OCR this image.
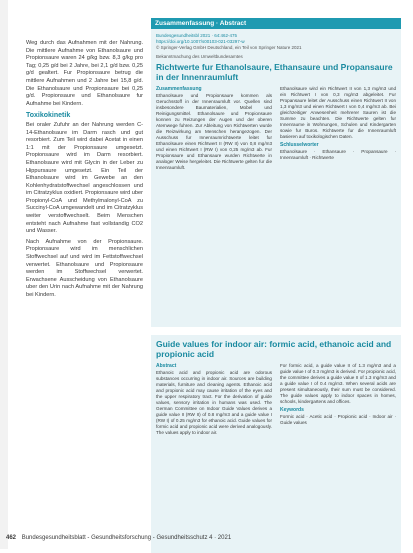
Weg durch das Aufnahmen mit der Nahrung. Die mittlere Aufnahme von Ethanolsaure und Propionsaure waren 24 g/kg bzw. 8,3 g/kg pro Tag; 0,25 g/d bei 2 Jahre, bei 2,1 g/d bzw. 0,25 g/d gealtert. Fur Propionsaure betrug die mittlere Aufnahmen und 2 Jahre bei 15,8 g/d. Die Ethanolsaure und Propionsaure bei 0,25 g/d. Propionsaure und Ethanolsaure fur Aufnahme bei Kindern.

Toxikokinetik

Bei oraler Zufuhr an der Nahrung werden C-14-Ethanolsaure im Darm rasch und gut resorbiert. Zum Teil wird dabei Acetat in einen 1:1 mit der Propionsaure umgesetzt. Propionsaure wird im Darm resorbiert. Ethanolsaure wird mit Glycin in der Leber zu Hippursaure umgesetzt. Ein Teil der Ethanolsaure wird im Gewebe an den Kohlenhydratstoffwechsel angeschlossen und im Citratzyklus oxidiert. Propionsaure wird uber Propionyl-CoA und Methylmalonyl-CoA zu Succinyl-CoA umgewandelt und im Citratzyklus weiter verstoffwechselt. Beim Menschen entsteht nach Aufnahme fast vollstandig CO2 und Wasser.

Nach Aufnahme von der Propionsaure. Propionsaure wird im menschlichen Stoffwechsel auf und wird im Fettstoffwechsel verwertet. Ethanolsaure und Propionsaure werden im Stoffwechsel verwertet. Erwachsene Ausscheidung von Ethanolsaure uber den Urin nach Aufnahme mit der Nahrung bei Kindern.

Zusammenfassung · Abstract
Bundesgesundheitsbl 2021 · 64:462-475
https://doi.org/10.1007/s00103-021-03297-w
© Springer-Verlag GmbH Deutschland, ein Teil von Springer Nature 2021
Bekanntmachung des Umweltbundesamtes
Richtwerte fur Ethanolsaure, Ethansaure und Propansaure in der Innenraumluft
Zusammenfassung

Ethanolsaure und Propionsaure kommen als Geruchsstoff in der Innenraumluft vor. Quellen sind insbesondere Baumaterialien, Mobel und Reinigungsmittel. Ethanolsaure und Propionsaure konnen zu Reizungen der Augen und der oberen Atemwege fuhren. Zur Ableitung von Richtwerten wurde die Reizwirkung am Menschen herangezogen. Der Ausschuss fur Innenraumrichtwerte leitet fur Ethanolsaure einen Richtwert II (RW II) von 0,8 mg/m3 und einen Richtwert I (RW I) von 0,25 mg/m3 ab. Fur Propionsaure und Ethansaure wurden Richtwerte in analoger Weise hergeleitet. Die Richtwerte gelten fur die Innenraumluft.

Ethanolsaure wird ein Richtwert II von 1,3 mg/m3 und ein Richtwert I von 0,3 mg/m3 abgeleitet. Fur Propansaure leitet der Ausschuss einen Richtwert II von 1,3 mg/m3 und einen Richtwert I von 0,4 mg/m3 ab. Bei gleichzeitiger Anwesenheit mehrerer Sauren ist die Summe zu beachten. Die Richtwerte gelten fur Innenraume in Wohnungen, Schulen und Kindergarten sowie fur Buros. Richtwerte fur die Innenraumluft basieren auf toxikologischen Daten.

Schlusselworter

Ethanolsaure · Ethansaure · Propansaure · Innenraumluft · Richtwerte

Guide values for indoor air: formic acid, ethanoic acid and propionic acid
Abstract

Ethanoic acid and propionic acid are odorous substances occurring in indoor air. Sources are building materials, furniture and cleaning agents. Ethanoic acid and propionic acid may cause irritation of the eyes and the upper respiratory tract. For the derivation of guide values, sensory irritation in humans was used. The German Committee on Indoor Guide Values derives a guide value II (RW II) of 0.8 mg/m3 and a guide value I (RW I) of 0.25 mg/m3 for ethanoic acid. Guide values for formic acid and propionic acid were derived analogously. The values apply to indoor air.

For formic acid, a guide value II of 1.3 mg/m3 and a guide value I of 0.3 mg/m3 is derived. For propionic acid, the committee derives a guide value II of 1.3 mg/m3 and a guide value I of 0.4 mg/m3. When several acids are present simultaneously, their sum must be considered. The guide values apply to indoor spaces in homes, schools, kindergartens and offices.

Keywords

Formic acid · Acetic acid · Propionic acid · Indoor air · Guide values

462 Bundesgesundheitsblatt - Gesundheitsforschung - Gesundheitsschutz 4 · 2021
